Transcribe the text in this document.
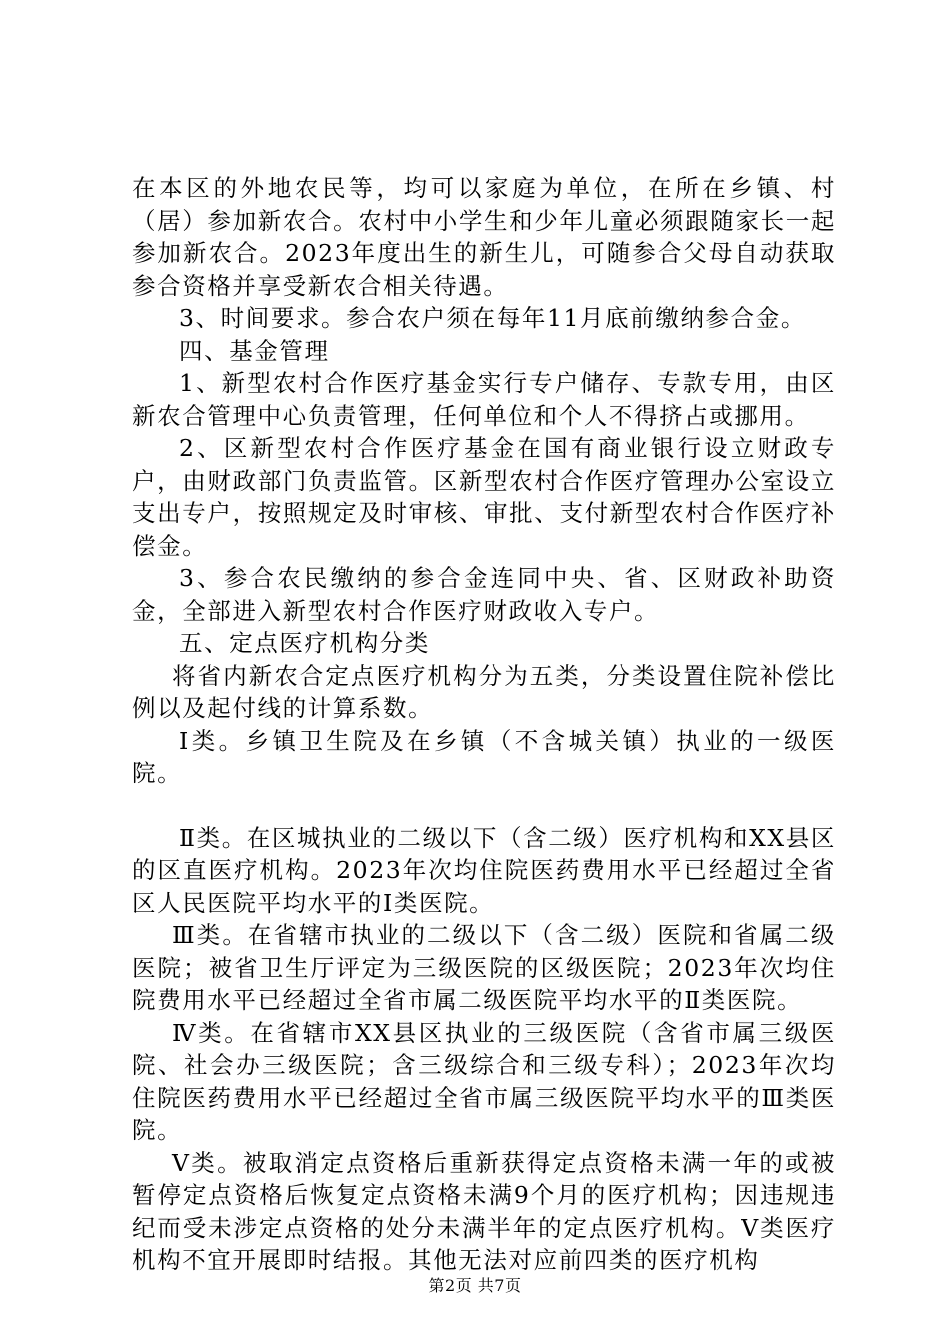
在本区的外地农民等，均可以家庭为单位，在所在乡镇、村（居）参加新农合。农村中小学生和少年儿童必须跟随家长一起参加新农合。2023年度出生的新生儿，可随参合父母自动获取参合资格并享受新农合相关待遇。

3、时间要求。参合农户须在每年11月底前缴纳参合金。

四、基金管理

1、新型农村合作医疗基金实行专户储存、专款专用，由区新农合管理中心负责管理，任何单位和个人不得挤占或挪用。

2、区新型农村合作医疗基金在国有商业银行设立财政专户，由财政部门负责监管。区新型农村合作医疗管理办公室设立支出专户，按照规定及时审核、审批、支付新型农村合作医疗补偿金。

3、参合农民缴纳的参合金连同中央、省、区财政补助资金，全部进入新型农村合作医疗财政收入专户。

五、定点医疗机构分类

将省内新农合定点医疗机构分为五类，分类设置住院补偿比例以及起付线的计算系数。

Ⅰ类。乡镇卫生院及在乡镇（不含城关镇）执业的一级医院。

Ⅱ类。在区城执业的二级以下（含二级）医疗机构和XX县区的区直医疗机构。2023年次均住院医药费用水平已经超过全省区人民医院平均水平的Ⅰ类医院。

Ⅲ类。在省辖市执业的二级以下（含二级）医院和省属二级医院；被省卫生厅评定为三级医院的区级医院；2023年次均住院费用水平已经超过全省市属二级医院平均水平的Ⅱ类医院。

Ⅳ类。在省辖市XX县区执业的三级医院（含省市属三级医院、社会办三级医院；含三级综合和三级专科）；2023年次均住院医药费用水平已经超过全省市属三级医院平均水平的Ⅲ类医院。

Ⅴ类。被取消定点资格后重新获得定点资格未满一年的或被暂停定点资格后恢复定点资格未满9个月的医疗机构；因违规违纪而受未涉定点资格的处分未满半年的定点医疗机构。Ⅴ类医疗机构不宜开展即时结报。其他无法对应前四类的医疗机构

第2页 共7页
